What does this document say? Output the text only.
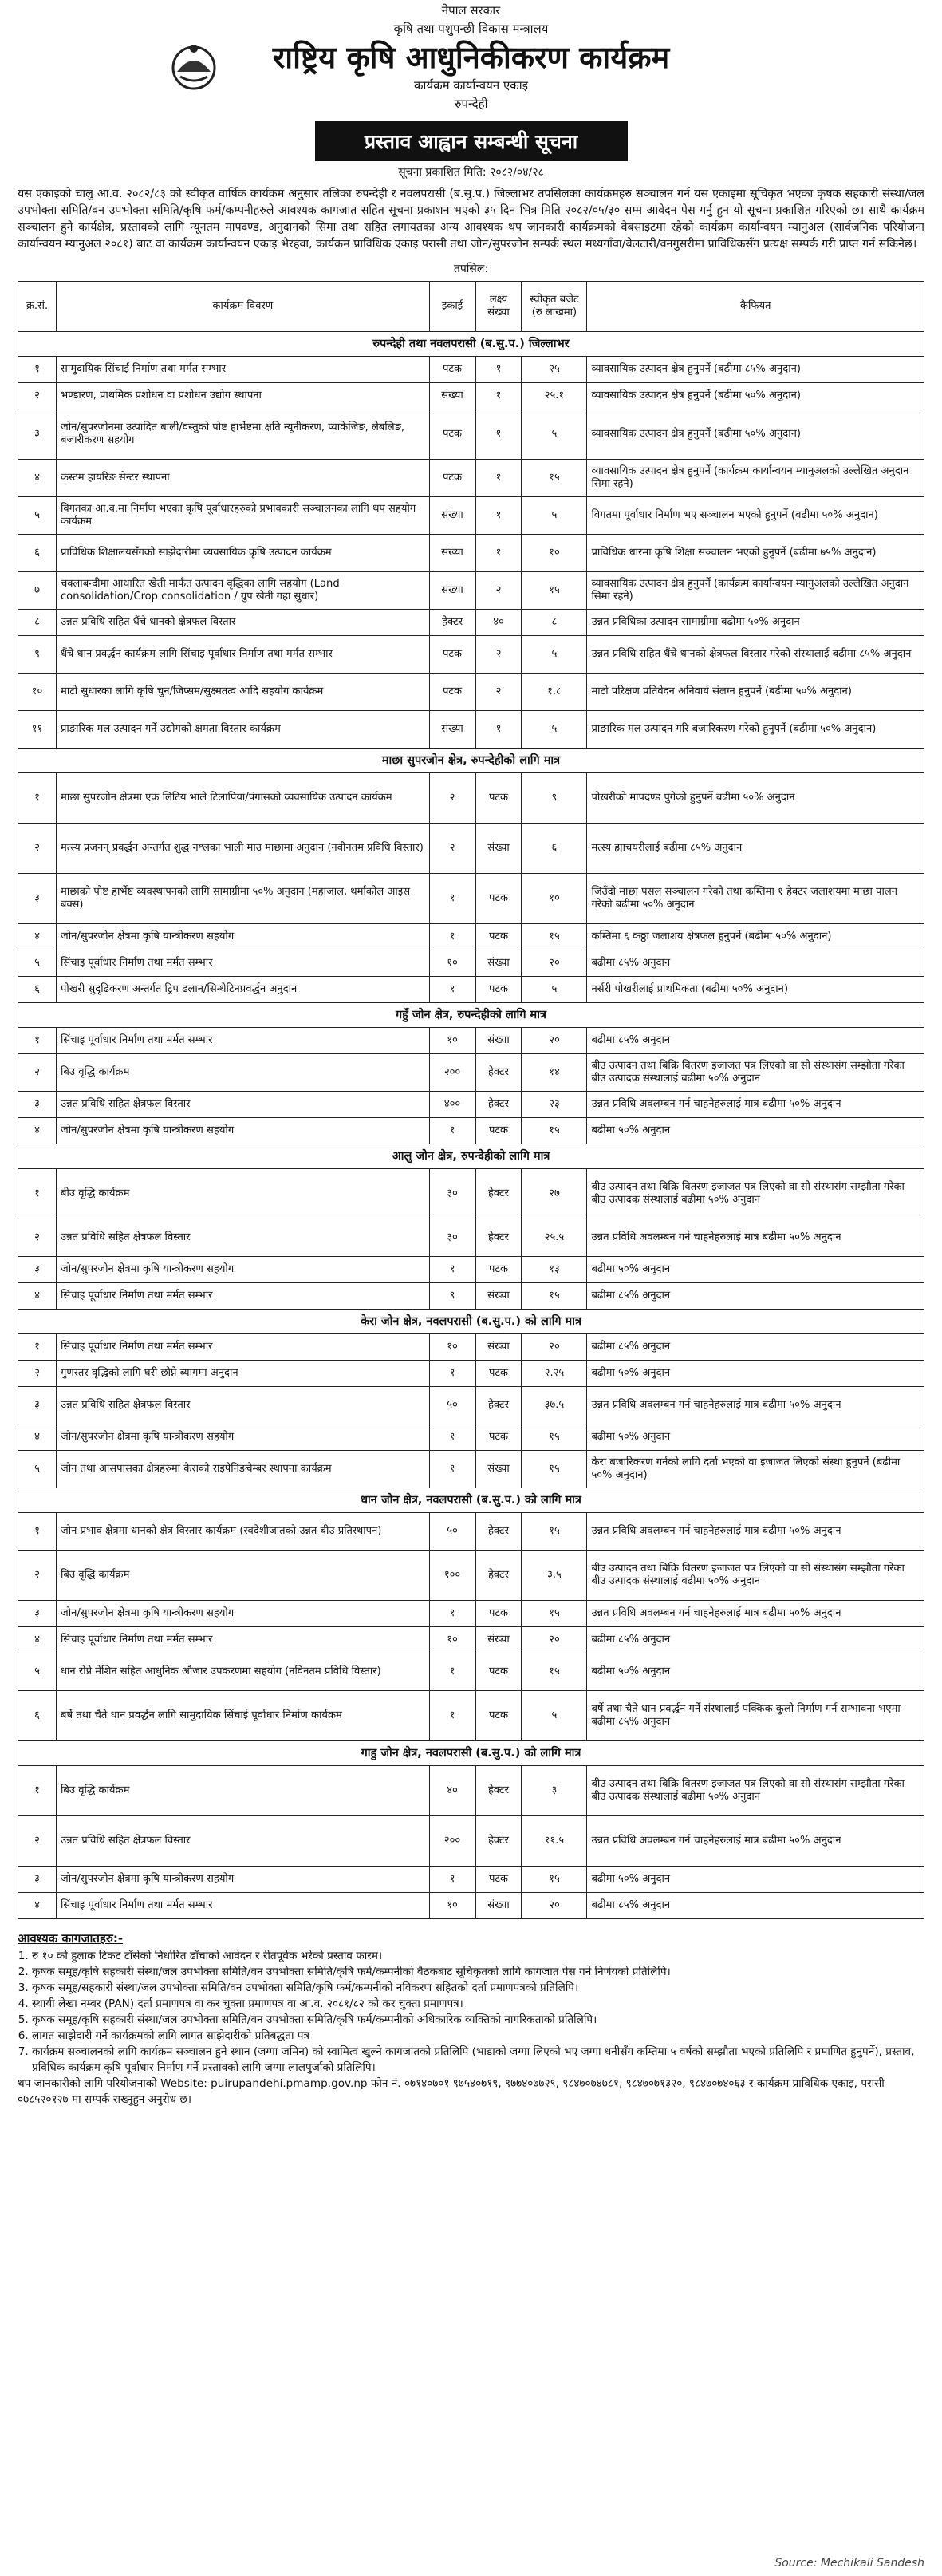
नेपाल सरकार
कृषि तथा पशुपन्छी विकास मन्त्रालय
राष्ट्रिय कृषि आधुनिकीकरण कार्यक्रम
कार्यक्रम कार्यान्वयन एकाइ
रुपन्देही
प्रस्ताव आह्वान सम्बन्धी सूचना
सूचना प्रकाशित मिति: २०८२/०४/२८
यस एकाइको चालु आ.व. २०८२/८३ को स्वीकृत वार्षिक कार्यक्रम अनुसार तलिका रुपन्देही र नवलपरासी (ब.सु.प.) जिल्लाभर तपसिलका कार्यक्रमहरु सञ्चालन गर्न यस एकाइमा सूचिकृत भएका कृषक सहकारी संस्था/जल उपभोक्ता समिति/वन उपभोक्ता समिति/कृषि फर्म/कम्पनीहरुले आवश्यक कागजात सहित सूचना प्रकाशन भएको ३५ दिन भित्र मिति २०८२/०५/३० सम्म आवेदन पेस गर्नु हुन यो सूचना प्रकाशित गरिएको छ। साथै कार्यक्रम सञ्चालन हुने कार्यक्षेत्र, प्रस्तावको लागि न्यूनतम मापदण्ड, अनुदानको सिमा तथा सहित लगायतका अन्य आवश्यक थप जानकारी कार्यक्रमको वेबसाइटमा रहेको कार्यक्रम कार्यान्वयन म्यानुअल (सार्वजनिक परियोजना कार्यान्वयन म्यानुअल २०८१) बाट वा कार्यक्रम कार्यान्वयन एकाइ भैरहवा, कार्यक्रम प्राविधिक एकाइ परासी तथा जोन/सुपरजोन सम्पर्क स्थल मध्यगाँवा/बेलटारी/वनगुसरीमा प्राविधिकसँग प्रत्यक्ष सम्पर्क गरी प्राप्त गर्न सकिनेछ।
तपसिल:
क्र.सं.	कार्यक्रम विवरण	इकाई	लक्ष्य संख्या	स्वीकृत बजेट (रु लाखमा)	कैफियत
रुपन्देही तथा नवलपरासी (ब.सु.प.) जिल्लाभर					
१	सामुदायिक सिंचाई निर्माण तथा मर्मत सम्भार	पटक	१	२५	व्यावसायिक उत्पादन क्षेत्र हुनुपर्ने (बढीमा ८५% अनुदान)
२	भण्डारण, प्राथमिक प्रशोधन वा प्रशोधन उद्योग स्थापना	संख्या	१	२५.१	व्यावसायिक उत्पादन क्षेत्र हुनुपर्ने (बढीमा ५०% अनुदान)
३	जोन/सुपरजोनमा उत्पादित बाली/वस्तुको पोष्ट हार्भेष्टमा क्षति न्यूनीकरण, प्याकेजिङ, लेबलिङ, बजारीकरण सहयोग	पटक	१	५	व्यावसायिक उत्पादन क्षेत्र हुनुपर्ने (बढीमा ५०% अनुदान)
४	कस्टम हायरिङ सेन्टर स्थापना	पटक	१	१५	व्यावसायिक उत्पादन क्षेत्र हुनुपर्ने (कार्यक्रम कार्यान्वयन म्यानुअलको उल्लेखित अनुदान सिमा रहने)
५	विगतका आ.व.मा निर्माण भएका कृषि पूर्वाधारहरुको प्रभावकारी सञ्चालनका लागि थप सहयोग कार्यक्रम	संख्या	१	५	विगतमा पूर्वाधार निर्माण भए सञ्चालन भएको हुनुपर्ने (बढीमा ५०% अनुदान)
६	प्राविधिक शिक्षालयसँगको साझेदारीमा व्यवसायिक कृषि उत्पादन कार्यक्रम	संख्या	१	१०	प्राविधिक धारमा कृषि शिक्षा सञ्चालन भएको हुनुपर्ने (बढीमा ७५% अनुदान)
७	चक्लाबन्दीमा आधारित खेती मार्फत उत्पादन वृद्धिका लागि सहयोग (Land consolidation/Crop consolidation / ग्रुप खेती गहा सुधार)	संख्या	२	१५	व्यावसायिक उत्पादन क्षेत्र हुनुपर्ने (कार्यक्रम कार्यान्वयन म्यानुअलको उल्लेखित अनुदान सिमा रहने)
८	उन्नत प्रविधि सहित धैंचे धानको क्षेत्रफल विस्तार	हेक्टर	४०	८	उन्नत प्रविधिका उत्पादन सामाग्रीमा बढीमा ५०% अनुदान
९	धैंचे धान प्रवर्द्धन कार्यक्रम लागि सिंचाइ पूर्वाधार निर्माण तथा मर्मत सम्भार	पटक	२	५	उन्नत प्रविधि सहित धैंचे धानको क्षेत्रफल विस्तार गरेको संस्थालाई बढीमा ८५% अनुदान
१०	माटो सुधारका लागि कृषि चुन/जिप्सम/सुक्ष्मतत्व आदि सहयोग कार्यक्रम	पटक	२	१.८	माटो परिक्षण प्रतिवेदन अनिवार्य संलग्न हुनुपर्ने (बढीमा ५०% अनुदान)
११	प्राङारिक मल उत्पादन गर्ने उद्योगको क्षमता विस्तार कार्यक्रम	संख्या	१	५	प्राङारिक मल उत्पादन गरि बजारिकरण गरेको हुनुपर्ने (बढीमा ५०% अनुदान)
माछा सुपरजोन क्षेत्र, रुपन्देहीको लागि मात्र					
१	माछा सुपरजोन क्षेत्रमा एक लिटिय भाले टिलापिया/पंगासको व्यवसायिक उत्पादन कार्यक्रम	२	पटक	९	पोखरीको मापदण्ड पुगेको हुनुपर्ने बढीमा ५०% अनुदान
२	मत्स्य प्रजनन् प्रवर्द्धन अन्तर्गत शुद्ध नश्लका भाली माउ माछामा अनुदान (नवीनतम प्रविधि विस्तार)	२	संख्या	६	मत्स्य ह्याचयरीलाई बढीमा ८५% अनुदान
३	माछाको पोष्ट हार्भेष्ट व्यवस्थापनको लागि सामाग्रीमा ५०% अनुदान (महाजाल, थर्माकोल आइस बक्स)	१	पटक	१०	जिउँदो माछा पसल सञ्चालन गरेको तथा कम्तिमा १ हेक्टर जलाशयमा माछा पालन गरेको बढीमा ५०% अनुदान
४	जोन/सुपरजोन क्षेत्रमा कृषि यान्त्रीकरण सहयोग	१	पटक	१५	कम्तिमा ६ कठ्ठा जलाशय क्षेत्रफल हुनुपर्ने (बढीमा ५०% अनुदान)
५	सिंचाइ पूर्वाधार निर्माण तथा मर्मत सम्भार	१०	संख्या	२०	बढीमा ८५% अनुदान
६	पोखरी सुदृढिकरण अन्तर्गत ट्रिप ढलान/सिन्थेटिनप्रवर्द्धन अनुदान	१	पटक	५	नर्सरी पोखरीलाई प्राथमिकता (बढीमा ५०% अनुदान)
गहुँ जोन क्षेत्र, रुपन्देहीको लागि मात्र					
१	सिंचाइ पूर्वाधार निर्माण तथा मर्मत सम्भार	१०	संख्या	२०	बढीमा ८५% अनुदान
२	बिउ वृद्धि कार्यक्रम	२००	हेक्टर	१४	बीउ उत्पादन तथा बिक्रि वितरण इजाजत पत्र लिएको वा सो संस्थासंग सम्झौता गरेका बीउ उत्पादक संस्थालाई बढीमा ५०% अनुदान
३	उन्नत प्रविधि सहित क्षेत्रफल विस्तार	४००	हेक्टर	२३	उन्नत प्रविधि अवलम्बन गर्न चाहनेहरुलाई मात्र बढीमा ५०% अनुदान
४	जोन/सुपरजोन क्षेत्रमा कृषि यान्त्रीकरण सहयोग	१	पटक	१५	बढीमा ५०% अनुदान
आलु जोन क्षेत्र, रुपन्देहीको लागि मात्र					
१	बीउ वृद्धि कार्यक्रम	३०	हेक्टर	२७	बीउ उत्पादन तथा बिक्रि वितरण इजाजत पत्र लिएको वा सो संस्थासंग सम्झौता गरेका बीउ उत्पादक संस्थालाई बढीमा ५०% अनुदान
२	उन्नत प्रविधि सहित क्षेत्रफल विस्तार	३०	हेक्टर	२५.५	उन्नत प्रविधि अवलम्बन गर्न चाहनेहरुलाई मात्र बढीमा ५०% अनुदान
३	जोन/सुपरजोन क्षेत्रमा कृषि यान्त्रीकरण सहयोग	१	पटक	१३	बढीमा ५०% अनुदान
४	सिंचाइ पूर्वाधार निर्माण तथा मर्मत सम्भार	९	संख्या	१५	बढीमा ८५% अनुदान
केरा जोन क्षेत्र, नवलपरासी (ब.सु.प.) को लागि मात्र					
१	सिंचाइ पूर्वाधार निर्माण तथा मर्मत सम्भार	१०	संख्या	२०	बढीमा ८५% अनुदान
२	गुणस्तर वृद्धिको लागि घरी छोप्ने ब्यागमा अनुदान	१	पटक	२.२५	बढीमा ५०% अनुदान
३	उन्नत प्रविधि सहित क्षेत्रफल विस्तार	५०	हेक्टर	३७.५	उन्नत प्रविधि अवलम्बन गर्न चाहनेहरुलाई मात्र बढीमा ५०% अनुदान
४	जोन/सुपरजोन क्षेत्रमा कृषि यान्त्रीकरण सहयोग	१	पटक	१५	बढीमा ५०% अनुदान
५	जोन तथा आसपासका क्षेत्रहरुमा केराको राइपेनिङचेम्बर स्थापना कार्यक्रम	१	संख्या	१५	केरा बजारिकरण गर्नको लागि दर्ता भएको वा इजाजत लिएको संस्था हुनुपर्ने (बढीमा ५०% अनुदान)
धान जोन क्षेत्र, नवलपरासी (ब.सु.प.) को लागि मात्र					
१	जोन प्रभाव क्षेत्रमा धानको क्षेत्र विस्तार कार्यक्रम (स्वदेशीजातको उन्नत बीउ प्रतिस्थापन)	५०	हेक्टर	१५	उन्नत प्रविधि अवलम्बन गर्न चाहनेहरुलाई मात्र बढीमा ५०% अनुदान
२	बिउ वृद्धि कार्यक्रम	१००	हेक्टर	३.५	बीउ उत्पादन तथा बिक्रि वितरण इजाजत पत्र लिएको वा सो संस्थासंग सम्झौता गरेका बीउ उत्पादक संस्थालाई बढीमा ५०% अनुदान
३	जोन/सुपरजोन क्षेत्रमा कृषि यान्त्रीकरण सहयोग	१	पटक	१५	उन्नत प्रविधि अवलम्बन गर्न चाहनेहरुलाई मात्र बढीमा ५०% अनुदान
४	सिंचाइ पूर्वाधार निर्माण तथा मर्मत सम्भार	१०	संख्या	२०	बढीमा ८५% अनुदान
५	धान रोप्ने मेशिन सहित आधुनिक औजार उपकरणमा सहयोग (नविनतम प्रविधि विस्तार)	१	पटक	१५	बढीमा ५०% अनुदान
६	बर्षे तथा चैते धान प्रवर्द्धन लागि सामुदायिक सिंचाई पूर्वाधार निर्माण कार्यक्रम	१	पटक	५	बर्षे तथा चैते धान प्रवर्द्धन गर्ने संस्थालाई पक्किक कुलो निर्माण गर्न सम्भावना भएमा बढीमा ८५% अनुदान
गाहु जोन क्षेत्र, नवलपरासी (ब.सु.प.) को लागि मात्र					
१	बिउ वृद्धि कार्यक्रम	४०	हेक्टर	३	बीउ उत्पादन तथा बिक्रि वितरण इजाजत पत्र लिएको वा सो संस्थासंग सम्झौता गरेका बीउ उत्पादक संस्थालाई बढीमा ५०% अनुदान
२	उन्नत प्रविधि सहित क्षेत्रफल विस्तार	२००	हेक्टर	११.५	उन्नत प्रविधि अवलम्बन गर्न चाहनेहरुलाई मात्र बढीमा ५०% अनुदान
३	जोन/सुपरजोन क्षेत्रमा कृषि यान्त्रीकरण सहयोग	१	पटक	१५	बढीमा ५०% अनुदान
४	सिंचाइ पूर्वाधार निर्माण तथा मर्मत सम्भार	१०	संख्या	२०	बढीमा ८५% अनुदान
आवश्यक कागजातहरु:-
1. रु १० को हुलाक टिकट टाँसेको निर्धारित ढाँचाको आवेदन र रीतपूर्वक भरेको प्रस्ताव फारम।
2. कृषक समूह/कृषि सहकारी संस्था/जल उपभोक्ता समिति/वन उपभोक्ता समिति/कृषि फर्म/कम्पनीको बैठकबाट सूचिकृतको लागि कागजात पेस गर्ने निर्णयको प्रतिलिपि।
3. कृषक समूह/सहकारी संस्था/जल उपभोक्ता समिति/वन उपभोक्ता समिति/कृषि फर्म/कम्पनीको नविकरण सहितको दर्ता प्रमाणपत्रको प्रतिलिपि।
4. स्थायी लेखा नम्बर (PAN) दर्ता प्रमाणपत्र वा कर चुक्ता प्रमाणपत्र वा आ.व. २०८१/८२ को कर चुक्ता प्रमाणपत्र।
5. कृषक समूह/कृषि सहकारी संस्था/जल उपभोक्ता समिति/वन उपभोक्ता समिति/कृषि फर्म/कम्पनीको अधिकारिक व्यक्तिको नागरिकताको प्रतिलिपि।
6. लागत साझेदारी गर्ने कार्यक्रमको लागि लागत साझेदारीको प्रतिबद्धता पत्र
7. कार्यक्रम सञ्चालनको लागि कार्यक्रम सञ्चालन हुने स्थान (जग्गा जमिन) को स्वामित्व खुल्ने कागजातको प्रतिलिपि (भाडाको जग्गा लिएको भए जग्गा धनीसँग कम्तिमा ५ वर्षको सम्झौता भएको प्रतिलिपि र प्रमाणित हुनुपर्ने), प्रस्ताव, प्रविधिक कार्यक्रम कृषि पूर्वाधार निर्माण गर्ने प्रस्तावको लागि जग्गा लालपुर्जाको प्रतिलिपि।
थप जानकारीको लागि परियोजनाको Website: puirupandehi.pmamp.gov.np फोन नं. ०७१४०७०१ ९७५४०७१९, ९७७४०७७२९, ९८४७०७४७८१, ९८४७०७१३२०, ९८४७०७४०६३ र कार्यक्रम प्राविधिक एकाइ, परासी ०७८५२०१२७ मा सम्पर्क राख्नुहुन अनुरोध छ।
Source: Mechikali Sandesh
